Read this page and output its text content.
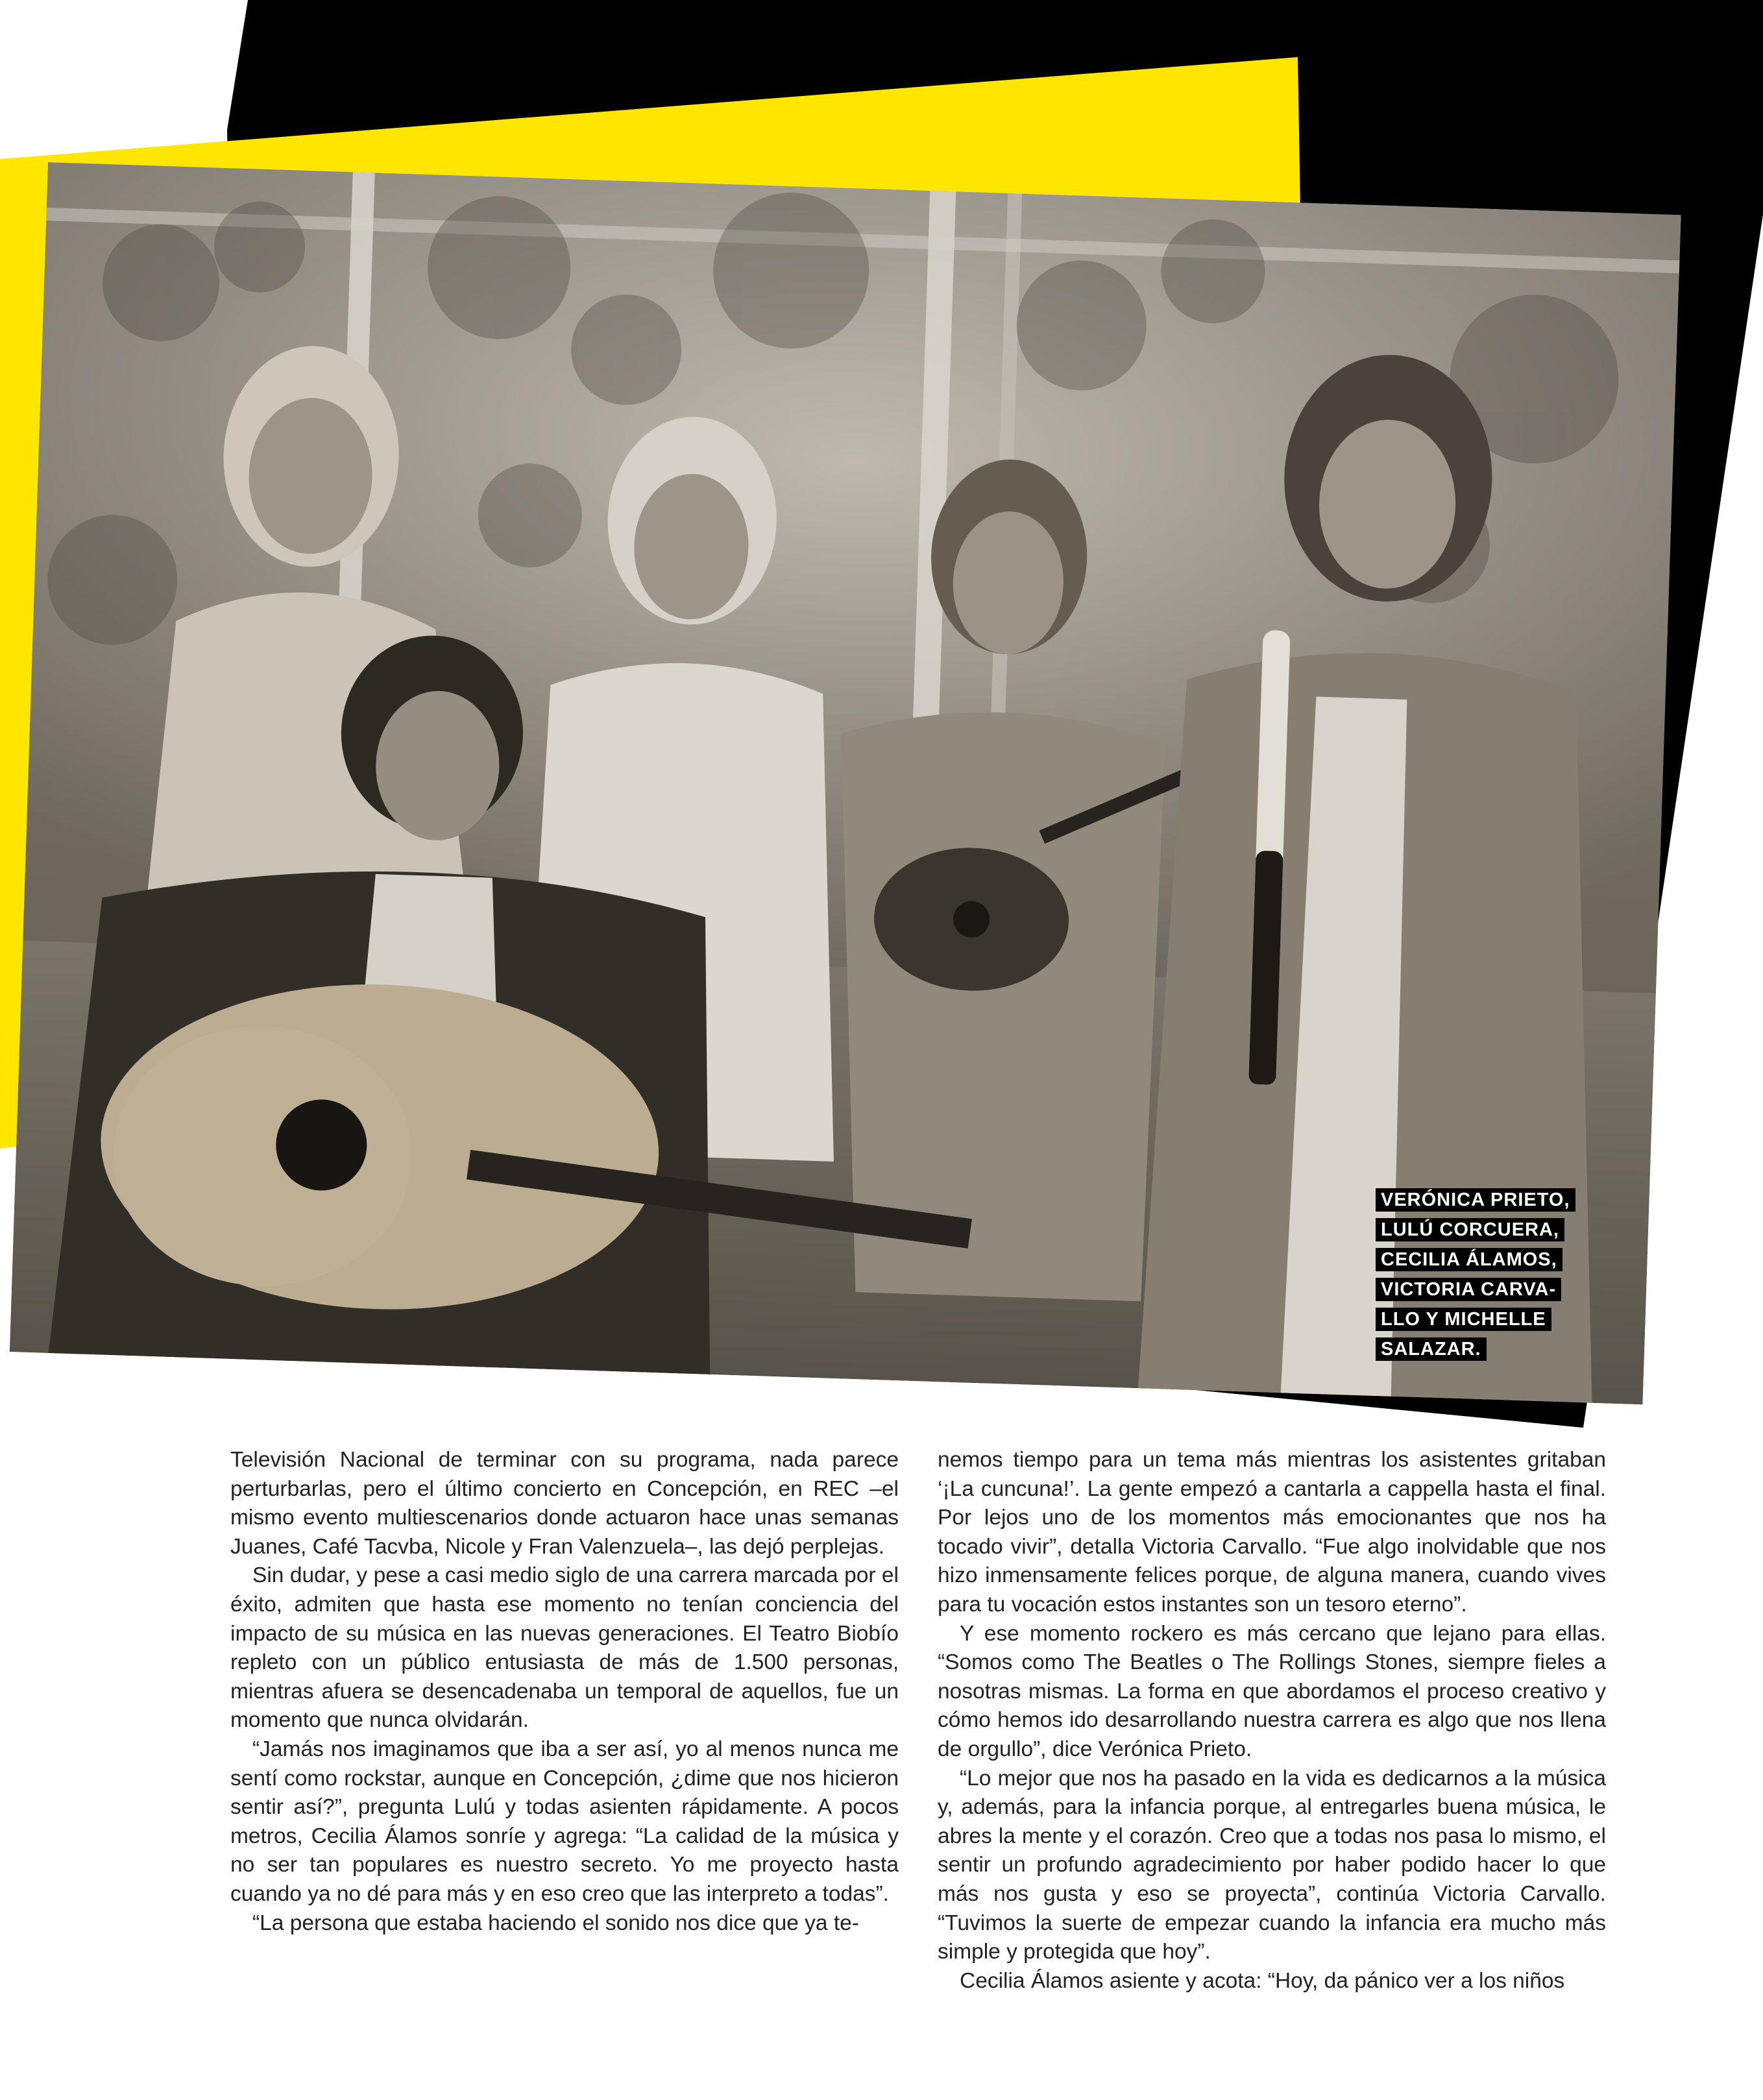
VERÓNICA PRIETO,
LULÚ CORCUERA,
CECILIA ÁLAMOS,
VICTORIA CARVA-
LLO Y MICHELLE
SALAZAR.

Televisión Nacional de terminar con su programa, nada parece perturbarlas, pero el último concierto en Concepción, en REC –el mismo evento multiescenarios donde actuaron hace unas semanas Juanes, Café Tacvba, Nicole y Fran Valenzuela–, las dejó perplejas.

Sin dudar, y pese a casi medio siglo de una carrera marcada por el éxito, admiten que hasta ese momento no tenían conciencia del impacto de su música en las nuevas generaciones. El Teatro Biobío repleto con un público entusiasta de más de 1.500 personas, mientras afuera se desencadenaba un temporal de aquellos, fue un momento que nunca olvidarán.

“Jamás nos imaginamos que iba a ser así, yo al menos nunca me sentí como rockstar, aunque en Concepción, ¿dime que nos hicieron sentir así?”, pregunta Lulú y todas asienten rápidamente. A pocos metros, Cecilia Álamos sonríe y agrega: “La calidad de la música y no ser tan populares es nuestro secreto. Yo me proyecto hasta cuando ya no dé para más y en eso creo que las interpreto a todas”.

“La persona que estaba haciendo el sonido nos dice que ya te-

nemos tiempo para un tema más mientras los asistentes gritaban ‘¡La cuncuna!’. La gente empezó a cantarla a cappella hasta el final. Por lejos uno de los momentos más emocionantes que nos ha tocado vivir”, detalla Victoria Carvallo. “Fue algo inolvidable que nos hizo inmensamente felices porque, de alguna manera, cuando vives para tu vocación estos instantes son un tesoro eterno”.

Y ese momento rockero es más cercano que lejano para ellas. “Somos como The Beatles o The Rollings Stones, siempre fieles a nosotras mismas. La forma en que abordamos el proceso creativo y cómo hemos ido desarrollando nuestra carrera es algo que nos llena de orgullo”, dice Verónica Prieto.

“Lo mejor que nos ha pasado en la vida es dedicarnos a la música y, además, para la infancia porque, al entregarles buena música, le abres la mente y el corazón. Creo que a todas nos pasa lo mismo, el sentir un profundo agradecimiento por haber podido hacer lo que más nos gusta y eso se proyecta”, continúa Victoria Carvallo. “Tuvimos la suerte de empezar cuando la infancia era mucho más simple y protegida que hoy”.

Cecilia Álamos asiente y acota: “Hoy, da pánico ver a los niños
